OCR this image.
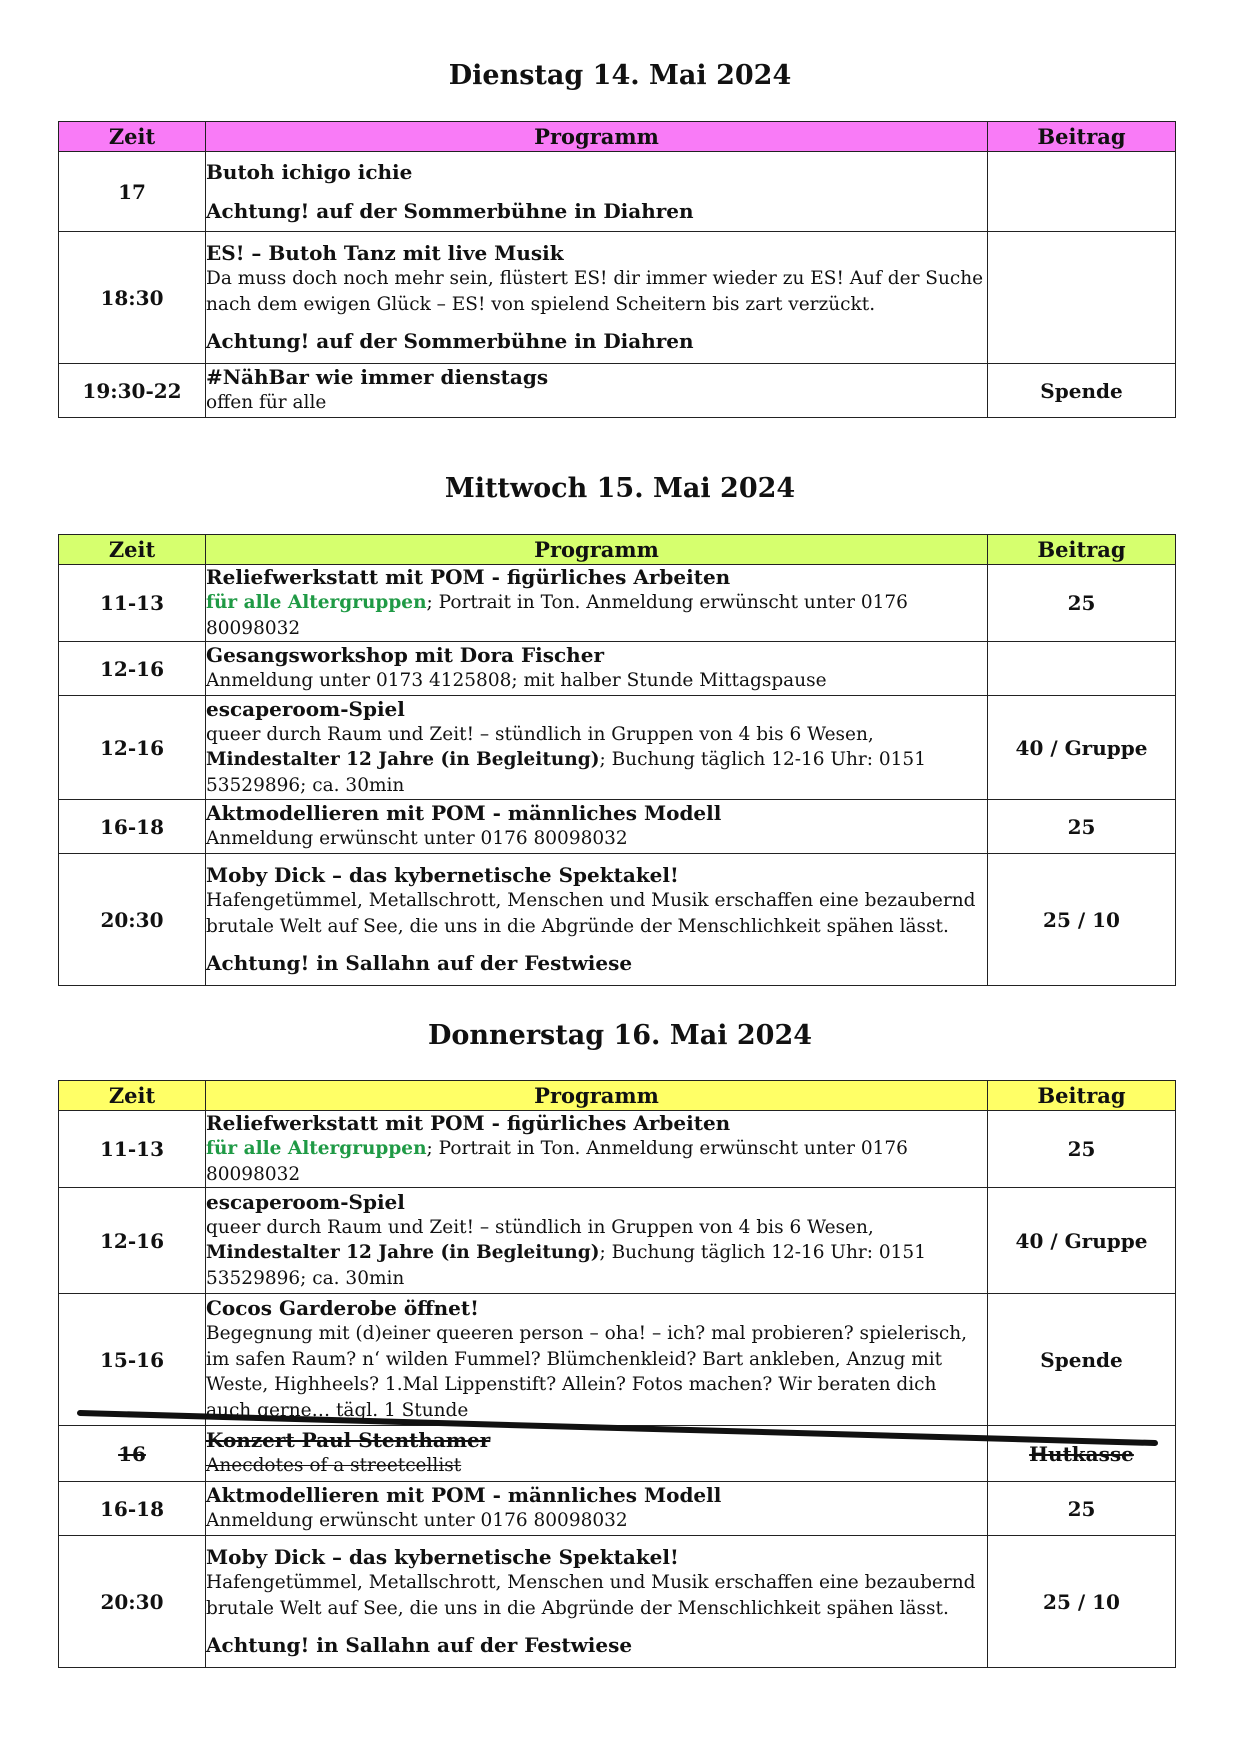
Dienstag 14. Mai 2024
Zeit	Programm	Beitrag
17	Butoh ichigo ichie
Achtung! auf der Sommerbühne in Diahren	

18:30	ES! – Butoh Tanz mit live Musik
Da muss doch noch mehr sein, flüstert ES! dir immer wieder zu ES! Auf der Suche nach dem ewigen Glück – ES! von spielend Scheitern bis zart verzückt.
Achtung! auf der Sommerbühne in Diahren	

19:30-22	#NähBar wie immer dienstags
offen für alle	Spende
Mittwoch 15. Mai 2024
Zeit	Programm	Beitrag
11-13	Reliefwerkstatt mit POM - figürliches Arbeiten
für alle Altergruppen; Portrait in Ton. Anmeldung erwünscht unter 0176 80098032	25
12-16	Gesangsworkshop mit Dora Fischer
Anmeldung unter 0173 4125808; mit halber Stunde Mittagspause	

12-16	escaperoom-Spiel
queer durch Raum und Zeit! – stündlich in Gruppen von 4 bis 6 Wesen,
Mindestalter 12 Jahre (in Begleitung); Buchung täglich 12-16 Uhr: 0151 53529896; ca. 30min	40 / Gruppe
16-18	Aktmodellieren mit POM - männliches Modell
Anmeldung erwünscht unter 0176 80098032	25
20:30	Moby Dick – das kybernetische Spektakel!
Hafengetümmel, Metallschrott, Menschen und Musik erschaffen eine bezaubernd brutale Welt auf See, die uns in die Abgründe der Menschlichkeit spähen lässt.
Achtung! in Sallahn auf der Festwiese	25 / 10
Donnerstag 16. Mai 2024
Zeit	Programm	Beitrag
11-13	Reliefwerkstatt mit POM - figürliches Arbeiten
für alle Altergruppen; Portrait in Ton. Anmeldung erwünscht unter 0176 80098032	25
12-16	escaperoom-Spiel
queer durch Raum und Zeit! – stündlich in Gruppen von 4 bis 6 Wesen,
Mindestalter 12 Jahre (in Begleitung); Buchung täglich 12-16 Uhr: 0151 53529896; ca. 30min	40 / Gruppe
15-16	Cocos Garderobe öffnet!
Begegnung mit (d)einer queeren person – oha! – ich? mal probieren? spielerisch, im safen Raum? n‘ wilden Fummel? Blümchenkleid? Bart ankleben, Anzug mit Weste, Highheels? 1.Mal Lippenstift? Allein? Fotos machen? Wir beraten dich auch gerne… tägl. 1 Stunde	Spende
16	Konzert Paul Stenthamer
Anecdotes of a streetcellist	Hutkasse
16-18	Aktmodellieren mit POM - männliches Modell
Anmeldung erwünscht unter 0176 80098032	25
20:30	Moby Dick – das kybernetische Spektakel!
Hafengetümmel, Metallschrott, Menschen und Musik erschaffen eine bezaubernd brutale Welt auf See, die uns in die Abgründe der Menschlichkeit spähen lässt.
Achtung! in Sallahn auf der Festwiese	25 / 10
